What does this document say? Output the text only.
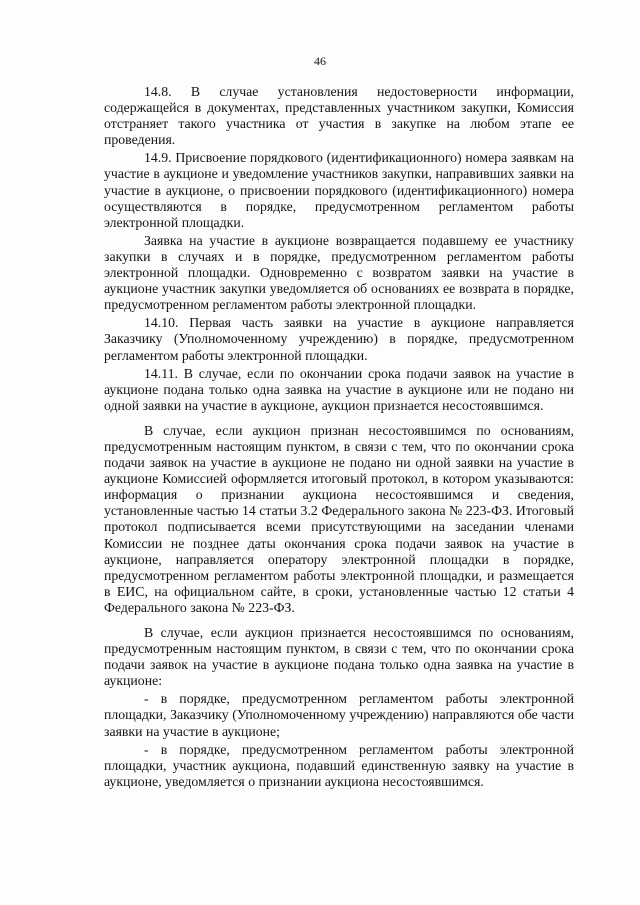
46

14.8. В случае установления недостоверности информации, содержащейся в документах, представленных участником закупки, Комиссия отстраняет такого участника от участия в закупке на любом этапе ее проведения.

14.9. Присвоение порядкового (идентификационного) номера заявкам на участие в аукционе и уведомление участников закупки, направивших заявки на участие в аукционе, о присвоении порядкового (идентификационного) номера осуществляются в порядке, предусмотренном регламентом работы электронной площадки.

Заявка на участие в аукционе возвращается подавшему ее участнику закупки в случаях и в порядке, предусмотренном регламентом работы электронной площадки. Одновременно с возвратом заявки на участие в аукционе участник закупки уведомляется об основаниях ее возврата в порядке, предусмотренном регламентом работы электронной площадки.

14.10. Первая часть заявки на участие в аукционе направляется Заказчику (Уполномоченному учреждению) в порядке, предусмотренном регламентом работы электронной площадки.

14.11. В случае, если по окончании срока подачи заявок на участие в аукционе подана только одна заявка на участие в аукционе или не подано ни одной заявки на участие в аукционе, аукцион признается несостоявшимся.

В случае, если аукцион признан несостоявшимся по основаниям, предусмотренным настоящим пунктом, в связи с тем, что по окончании срока подачи заявок на участие в аукционе не подано ни одной заявки на участие в аукционе Комиссией оформляется итоговый протокол, в котором указываются: информация о признании аукциона несостоявшимся и сведения, установленные частью 14 статьи 3.2 Федерального закона № 223-ФЗ. Итоговый протокол подписывается всеми присутствующими на заседании членами Комиссии не позднее даты окончания срока подачи заявок на участие в аукционе, направляется оператору электронной площадки в порядке, предусмотренном регламентом работы электронной площадки, и размещается в ЕИС, на официальном сайте, в сроки, установленные частью 12 статьи 4 Федерального закона № 223-ФЗ.

В случае, если аукцион признается несостоявшимся по основаниям, предусмотренным настоящим пунктом, в связи с тем, что по окончании срока подачи заявок на участие в аукционе подана только одна заявка на участие в аукционе:

- в порядке, предусмотренном регламентом работы электронной площадки, Заказчику (Уполномоченному учреждению) направляются обе части заявки на участие в аукционе;

- в порядке, предусмотренном регламентом работы электронной площадки, участник аукциона, подавший единственную заявку на участие в аукционе, уведомляется о признании аукциона несостоявшимся.
